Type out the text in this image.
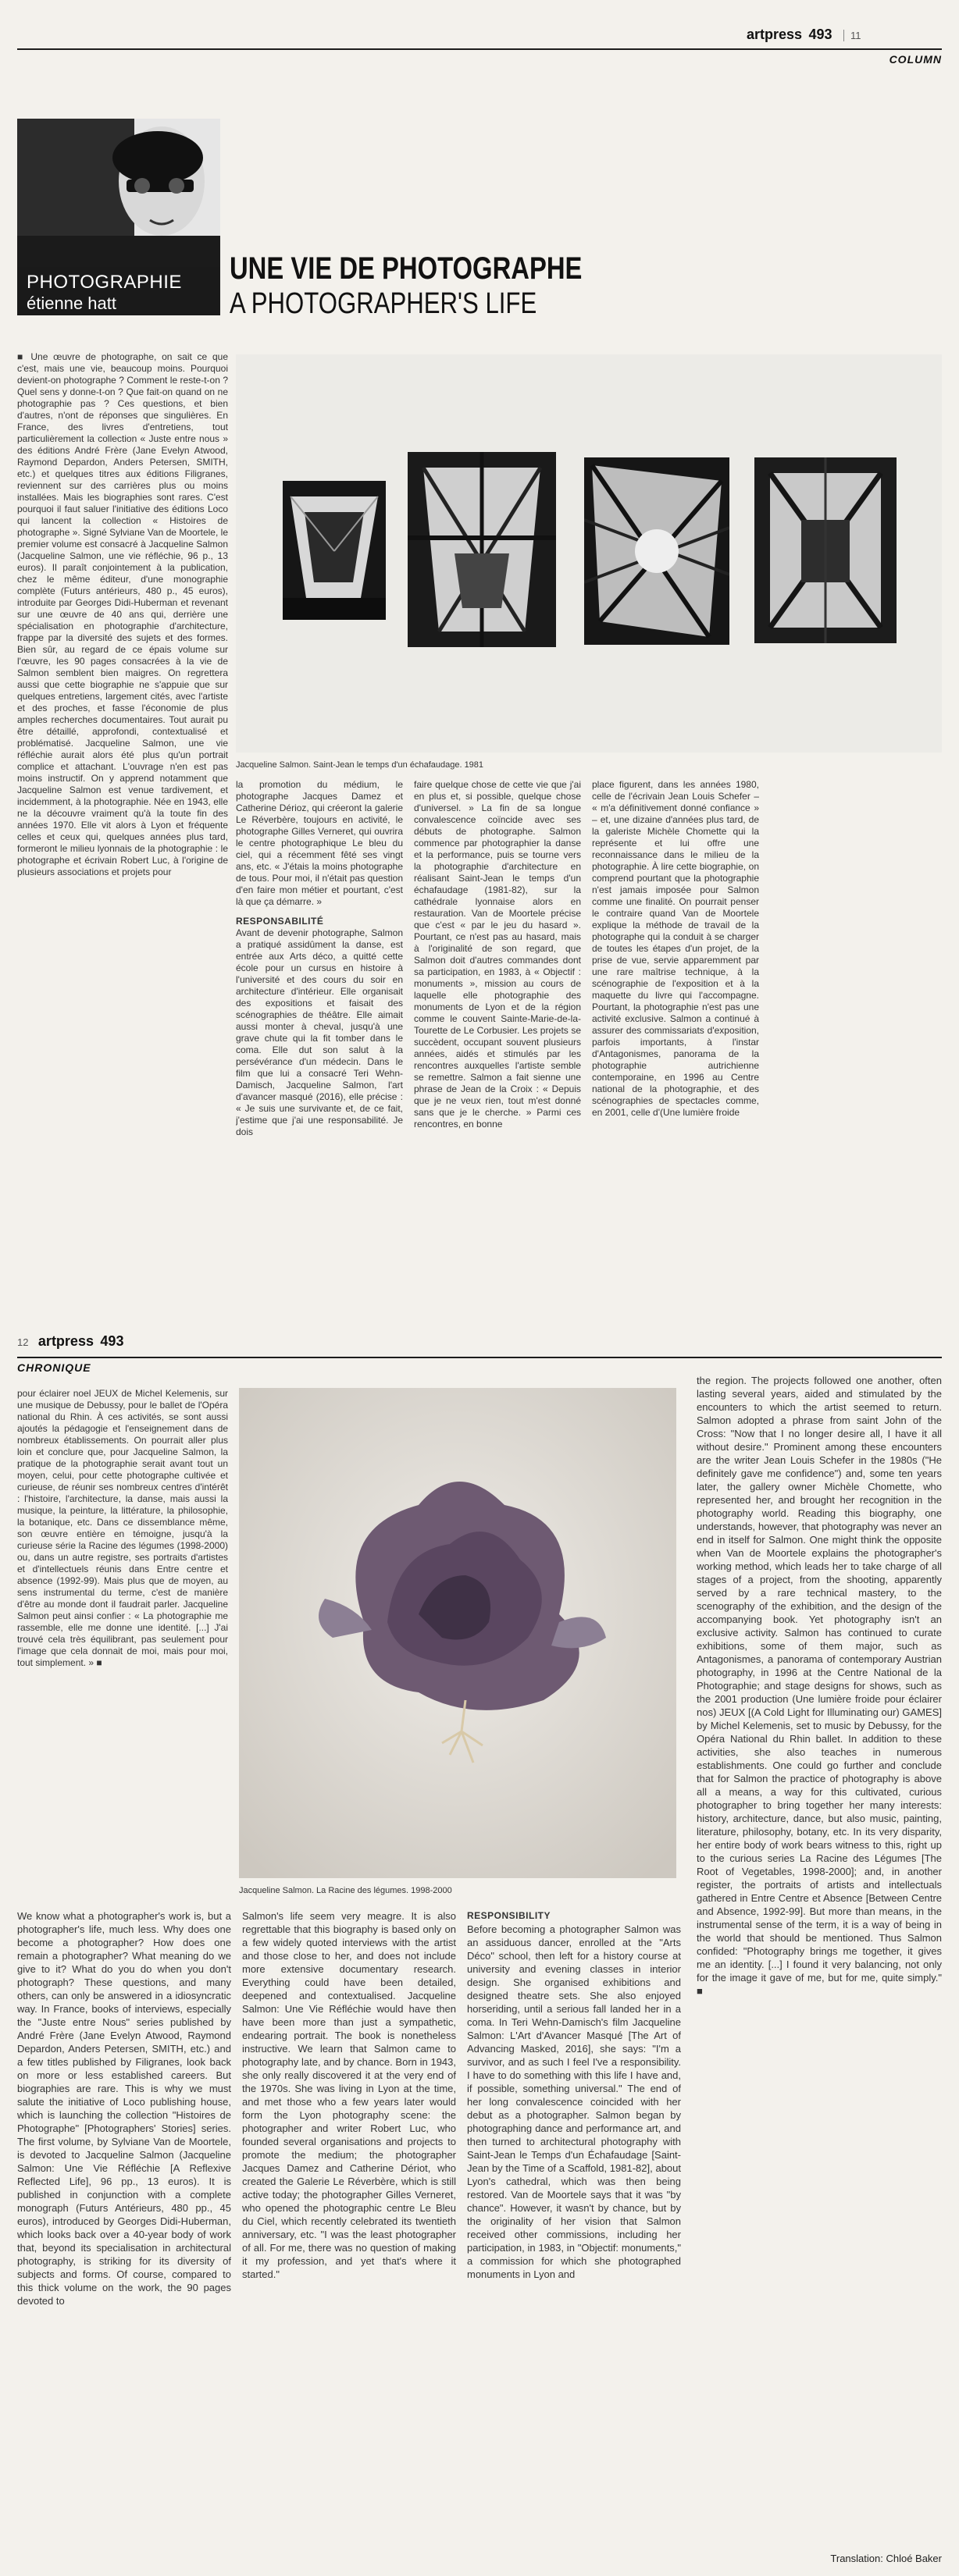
artpress 493 11
COLUMN
PHOTOGRAPHIE
étienne hatt
UNE VIE DE PHOTOGRAPHE
A PHOTOGRAPHER'S LIFE

■ Une œuvre de photographe, on sait ce que c'est, mais une vie, beaucoup moins. Pourquoi devient-on photographe ? Comment le reste-t-on ? Quel sens y donne-t-on ? Que fait-on quand on ne photographie pas ? Ces questions, et bien d'autres, n'ont de réponses que singulières. En France, des livres d'entretiens, tout particulièrement la collection « Juste entre nous » des éditions André Frère (Jane Evelyn Atwood, Raymond Depardon, Anders Petersen, SMITH, etc.) et quelques titres aux éditions Filigranes, reviennent sur des carrières plus ou moins installées. Mais les biographies sont rares. C'est pourquoi il faut saluer l'initiative des éditions Loco qui lancent la collection « Histoires de photographe ». Signé Sylviane Van de Moortele, le premier volume est consacré à Jacqueline Salmon (Jacqueline Salmon, une vie réfléchie, 96 p., 13 euros). Il paraît conjointement à la publication, chez le même éditeur, d'une monographie complète (Futurs antérieurs, 480 p., 45 euros), introduite par Georges Didi-Huberman et revenant sur une œuvre de 40 ans qui, derrière une spécialisation en photographie d'architecture, frappe par la diversité des sujets et des formes. Bien sûr, au regard de ce épais volume sur l'œuvre, les 90 pages consacrées à la vie de Salmon semblent bien maigres. On regrettera aussi que cette biographie ne s'appuie que sur quelques entretiens, largement cités, avec l'artiste et des proches, et fasse l'économie de plus amples recherches documentaires. Tout aurait pu être détaillé, approfondi, contextualisé et problématisé. Jacqueline Salmon, une vie réfléchie aurait alors été plus qu'un portrait complice et attachant. L'ouvrage n'en est pas moins instructif. On y apprend notamment que Jacqueline Salmon est venue tardivement, et incidemment, à la photographie. Née en 1943, elle ne la découvre vraiment qu'à la toute fin des années 1970. Elle vit alors à Lyon et fréquente celles et ceux qui, quelques années plus tard, formeront le milieu lyonnais de la photographie : le photographe et écrivain Robert Luc, à l'origine de plusieurs associations et projets pour

Jacqueline Salmon. Saint-Jean le temps d'un échafaudage. 1981

la promotion du médium, le photographe Jacques Damez et Catherine Dérioz, qui créeront la galerie Le Réverbère, toujours en activité, le photographe Gilles Verneret, qui ouvrira le centre photographique Le bleu du ciel, qui a récemment fêté ses vingt ans, etc. « J'étais la moins photographe de tous. Pour moi, il n'était pas question d'en faire mon métier et pourtant, c'est là que ça démarre. »

RESPONSABILITÉ

Avant de devenir photographe, Salmon a pratiqué assidûment la danse, est entrée aux Arts déco, a quitté cette école pour un cursus en histoire à l'université et des cours du soir en architecture d'intérieur. Elle organisait des expositions et faisait des scénographies de théâtre. Elle aimait aussi monter à cheval, jusqu'à une grave chute qui la fit tomber dans le coma. Elle dut son salut à la persévérance d'un médecin. Dans le film que lui a consacré Teri Wehn-Damisch, Jacqueline Salmon, l'art d'avancer masqué (2016), elle précise : « Je suis une survivante et, de ce fait, j'estime que j'ai une responsabilité. Je dois

faire quelque chose de cette vie que j'ai en plus et, si possible, quelque chose d'universel. » La fin de sa longue convalescence coïncide avec ses débuts de photographe. Salmon commence par photographier la danse et la performance, puis se tourne vers la photographie d'architecture en réalisant Saint-Jean le temps d'un échafaudage (1981-82), sur la cathédrale lyonnaise alors en restauration. Van de Moortele précise que c'est « par le jeu du hasard ». Pourtant, ce n'est pas au hasard, mais à l'originalité de son regard, que Salmon doit d'autres commandes dont sa participation, en 1983, à « Objectif : monuments », mission au cours de laquelle elle photographie des monuments de Lyon et de la région comme le couvent Sainte-Marie-de-la-Tourette de Le Corbusier. Les projets se succèdent, occupant souvent plusieurs années, aidés et stimulés par les rencontres auxquelles l'artiste semble se remettre. Salmon a fait sienne une phrase de Jean de la Croix : « Depuis que je ne veux rien, tout m'est donné sans que je le cherche. » Parmi ces rencontres, en bonne

place figurent, dans les années 1980, celle de l'écrivain Jean Louis Schefer – « m'a définitivement donné confiance » – et, une dizaine d'années plus tard, de la galeriste Michèle Chomette qui la représente et lui offre une reconnaissance dans le milieu de la photographie. À lire cette biographie, on comprend pourtant que la photographie n'est jamais imposée pour Salmon comme une finalité. On pourrait penser le contraire quand Van de Moortele explique la méthode de travail de la photographe qui la conduit à se charger de toutes les étapes d'un projet, de la prise de vue, servie apparemment par une rare maîtrise technique, à la scénographie de l'exposition et à la maquette du livre qui l'accompagne. Pourtant, la photographie n'est pas une activité exclusive. Salmon a continué à assurer des commissariats d'exposition, parfois importants, à l'instar d'Antagonismes, panorama de la photographie autrichienne contemporaine, en 1996 au Centre national de la photographie, et des scénographies de spectacles comme, en 2001, celle d'(Une lumière froide

12 artpress 493
CHRONIQUE

pour éclairer noel JEUX de Michel Kelemenis, sur une musique de Debussy, pour le ballet de l'Opéra national du Rhin. À ces activités, se sont aussi ajoutés la pédagogie et l'enseignement dans de nombreux établissements. On pourrait aller plus loin et conclure que, pour Jacqueline Salmon, la pratique de la photographie serait avant tout un moyen, celui, pour cette photographe cultivée et curieuse, de réunir ses nombreux centres d'intérêt : l'histoire, l'architecture, la danse, mais aussi la musique, la peinture, la littérature, la philosophie, la botanique, etc. Dans ce dissemblance même, son œuvre entière en témoigne, jusqu'à la curieuse série la Racine des légumes (1998-2000) ou, dans un autre registre, ses portraits d'artistes et d'intellectuels réunis dans Entre centre et absence (1992-99). Mais plus que de moyen, au sens instrumental du terme, c'est de manière d'être au monde dont il faudrait parler. Jacqueline Salmon peut ainsi confier : « La photographie me rassemble, elle me donne une identité. [...] J'ai trouvé cela très équilibrant, pas seulement pour l'image que cela donnait de moi, mais pour moi, tout simplement. » ■

Jacqueline Salmon. La Racine des légumes. 1998-2000

the region. The projects followed one another, often lasting several years, aided and stimulated by the encounters to which the artist seemed to return. Salmon adopted a phrase from saint John of the Cross: "Now that I no longer desire all, I have it all without desire." Prominent among these encounters are the writer Jean Louis Schefer in the 1980s ("He definitely gave me confidence") and, some ten years later, the gallery owner Michèle Chomette, who represented her, and brought her recognition in the photography world. Reading this biography, one understands, however, that photography was never an end in itself for Salmon. One might think the opposite when Van de Moortele explains the photographer's working method, which leads her to take charge of all stages of a project, from the shooting, apparently served by a rare technical mastery, to the scenography of the exhibition, and the design of the accompanying book. Yet photography isn't an exclusive activity. Salmon has continued to curate exhibitions, some of them major, such as Antagonismes, a panorama of contemporary Austrian photography, in 1996 at the Centre National de la Photographie; and stage designs for shows, such as the 2001 production (Une lumière froide pour éclairer nos) JEUX [(A Cold Light for Illuminating our) GAMES] by Michel Kelemenis, set to music by Debussy, for the Opéra National du Rhin ballet. In addition to these activities, she also teaches in numerous establishments. One could go further and conclude that for Salmon the practice of photography is above all a means, a way for this cultivated, curious photographer to bring together her many interests: history, architecture, dance, but also music, painting, literature, philosophy, botany, etc. In its very disparity, her entire body of work bears witness to this, right up to the curious series La Racine des Légumes [The Root of Vegetables, 1998-2000]; and, in another register, the portraits of artists and intellectuals gathered in Entre Centre et Absence [Between Centre and Absence, 1992-99]. But more than means, in the instrumental sense of the term, it is a way of being in the world that should be mentioned. Thus Salmon confided: "Photography brings me together, it gives me an identity. [...] I found it very balancing, not only for the image it gave of me, but for me, quite simply." ■

We know what a photographer's work is, but a photographer's life, much less. Why does one become a photographer? How does one remain a photographer? What meaning do we give to it? What do you do when you don't photograph? These questions, and many others, can only be answered in a idiosyncratic way. In France, books of interviews, especially the "Juste entre Nous" series published by André Frère (Jane Evelyn Atwood, Raymond Depardon, Anders Petersen, SMITH, etc.) and a few titles published by Filigranes, look back on more or less established careers. But biographies are rare. This is why we must salute the initiative of Loco publishing house, which is launching the collection "Histoires de Photographe" [Photographers' Stories] series. The first volume, by Sylviane Van de Moortele, is devoted to Jacqueline Salmon (Jacqueline Salmon: Une Vie Réfléchie [A Reflexive Reflected Life], 96 pp., 13 euros). It is published in conjunction with a complete monograph (Futurs Antérieurs, 480 pp., 45 euros), introduced by Georges Didi-Huberman, which looks back over a 40-year body of work that, beyond its specialisation in architectural photography, is striking for its diversity of subjects and forms. Of course, compared to this thick volume on the work, the 90 pages devoted to

Salmon's life seem very meagre. It is also regrettable that this biography is based only on a few widely quoted interviews with the artist and those close to her, and does not include more extensive documentary research. Everything could have been detailed, deepened and contextualised. Jacqueline Salmon: Une Vie Réfléchie would have then have been more than just a sympathetic, endearing portrait. The book is nonetheless instructive. We learn that Salmon came to photography late, and by chance. Born in 1943, she only really discovered it at the very end of the 1970s. She was living in Lyon at the time, and met those who a few years later would form the Lyon photography scene: the photographer and writer Robert Luc, who founded several organisations and projects to promote the medium; the photographer Jacques Damez and Catherine Dériot, who created the Galerie Le Réverbère, which is still active today; the photographer Gilles Verneret, who opened the photographic centre Le Bleu du Ciel, which recently celebrated its twentieth anniversary, etc. "I was the least photographer of all. For me, there was no question of making it my profession, and yet that's where it started."

RESPONSIBILITY

Before becoming a photographer Salmon was an assiduous dancer, enrolled at the "Arts Déco" school, then left for a history course at university and evening classes in interior design. She organised exhibitions and designed theatre sets. She also enjoyed horseriding, until a serious fall landed her in a coma. In Teri Wehn-Damisch's film Jacqueline Salmon: L'Art d'Avancer Masqué [The Art of Advancing Masked, 2016], she says: "I'm a survivor, and as such I feel I've a responsibility. I have to do something with this life I have and, if possible, something universal." The end of her long convalescence coincided with her debut as a photographer. Salmon began by photographing dance and performance art, and then turned to architectural photography with Saint-Jean le Temps d'un Échafaudage [Saint-Jean by the Time of a Scaffold, 1981-82], about Lyon's cathedral, which was then being restored. Van de Moortele says that it was "by chance". However, it wasn't by chance, but by the originality of her vision that Salmon received other commissions, including her participation, in 1983, in "Objectif: monuments," a commission for which she photographed monuments in Lyon and

Translation: Chloé Baker
